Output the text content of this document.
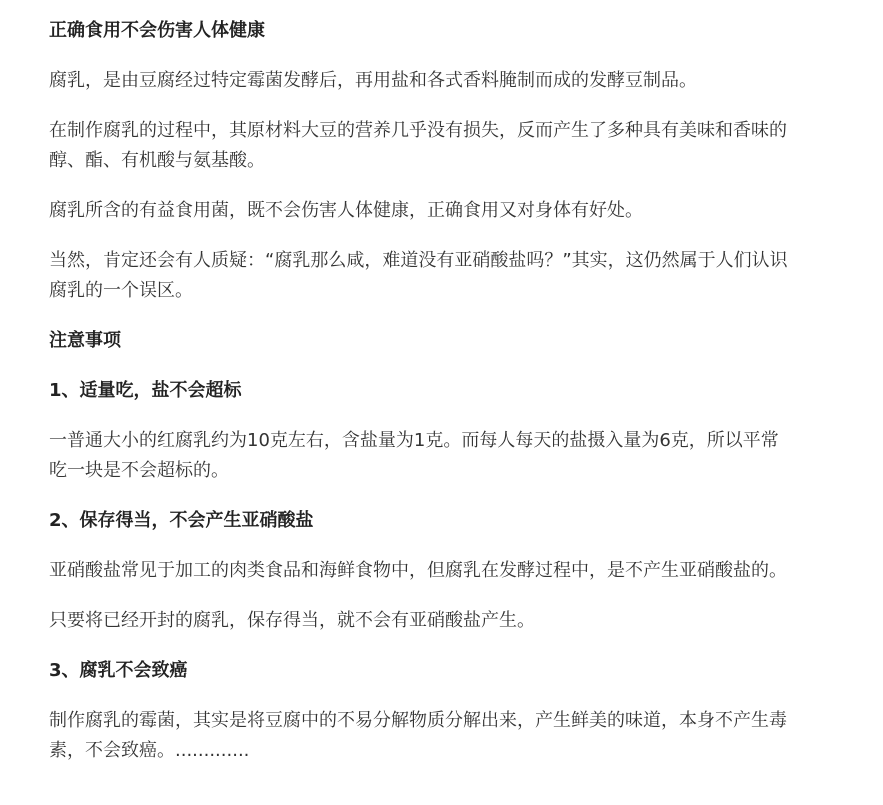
正确食用不会伤害人体健康
腐乳，是由豆腐经过特定霉菌发酵后，再用盐和各式香料腌制而成的发酵豆制品。
在制作腐乳的过程中，其原材料大豆的营养几乎没有损失，反而产生了多种具有美味和香味的醇、酯、有机酸与氨基酸。
腐乳所含的有益食用菌，既不会伤害人体健康，正确食用又对身体有好处。
当然，肯定还会有人质疑：“腐乳那么咸，难道没有亚硝酸盐吗？”其实，这仍然属于人们认识腐乳的一个误区。
注意事项
1、适量吃，盐不会超标
一普通大小的红腐乳约为10克左右，含盐量为1克。而每人每天的盐摄入量为6克，所以平常吃一块是不会超标的。
2、保存得当，不会产生亚硝酸盐
亚硝酸盐常见于加工的肉类食品和海鲜食物中，但腐乳在发酵过程中，是不产生亚硝酸盐的。
只要将已经开封的腐乳，保存得当，就不会有亚硝酸盐产生。
3、腐乳不会致癌
制作腐乳的霉菌，其实是将豆腐中的不易分解物质分解出来，产生鲜美的味道，本身不产生毒素，不会致癌。.............
